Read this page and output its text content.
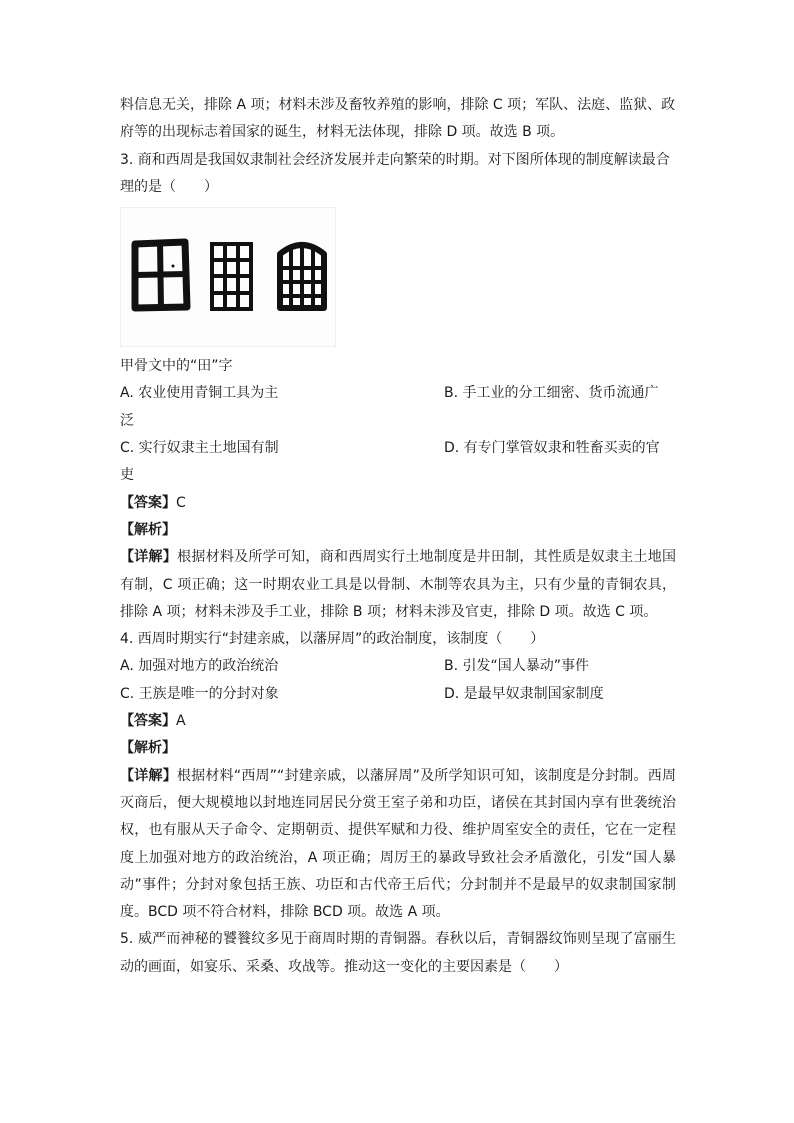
料信息无关，排除 A 项；材料未涉及畜牧养殖的影响，排除 C 项；军队、法庭、监狱、政

府等的出现标志着国家的诞生，材料无法体现，排除 D 项。故选 B 项。

3. 商和西周是我国奴隶制社会经济发展并走向繁荣的时期。对下图所体现的制度解读最合

理的是（　　）

甲骨文中的“田”字

A. 农业使用青铜工具为主	B. 手工业的分工细密、货币流通广

泛

C. 实行奴隶主土地国有制	D. 有专门掌管奴隶和牲畜买卖的官

吏

【答案】C

【解析】

【详解】根据材料及所学可知，商和西周实行土地制度是井田制，其性质是奴隶主土地国有制，C 项正确；这一时期农业工具是以骨制、木制等农具为主，只有少量的青铜农具，排除 A 项；材料未涉及手工业，排除 B 项；材料未涉及官吏，排除 D 项。故选 C 项。

4. 西周时期实行“封建亲戚，以藩屏周”的政治制度，该制度（　　）

A. 加强对地方的政治统治	B. 引发“国人暴动”事件
C. 王族是唯一的分封对象	D. 是最早奴隶制国家制度

【答案】A

【解析】

【详解】根据材料“西周”“封建亲戚，以藩屏周”及所学知识可知，该制度是分封制。西周灭商后，便大规模地以封地连同居民分赏王室子弟和功臣，诸侯在其封国内享有世袭统治权，也有服从天子命令、定期朝贡、提供军赋和力役、维护周室安全的责任，它在一定程度上加强对地方的政治统治，A 项正确；周厉王的暴政导致社会矛盾激化，引发“国人暴动”事件；分封对象包括王族、功臣和古代帝王后代；分封制并不是最早的奴隶制国家制度。BCD 项不符合材料，排除 BCD 项。故选 A 项。

5. 威严而神秘的饕餮纹多见于商周时期的青铜器。春秋以后，青铜器纹饰则呈现了富丽生动的画面，如宴乐、采桑、攻战等。推动这一变化的主要因素是（　　）
